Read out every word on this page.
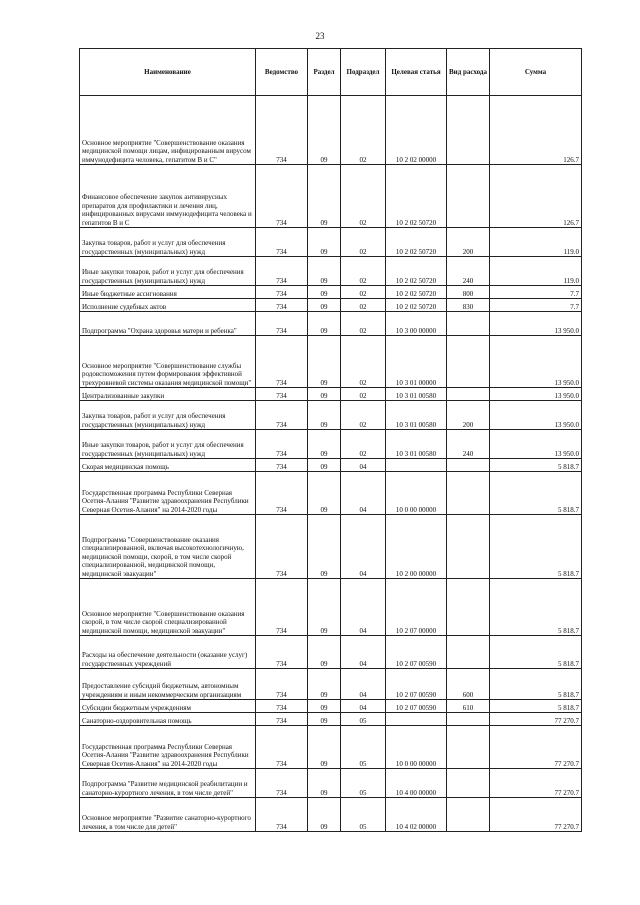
23
Наименование	Ведомство	Раздел	Подраздел	Целевая статья	Вид расхода	Сумма
Основное мероприятие "Совершенствование оказания медицинской помощи лицам, инфицированным вирусом иммунодефицита человека, гепатитом В и С"	734	09	02	10 2 02 00000		126.7
Финансовое обеспечение закупок антивирусных препаратов для профилактики и лечения лиц, инфицированных вирусами иммунодефицита человека и гепатитов В и С	734	09	02	10 2 02 50720		126.7
Закупка товаров, работ и услуг для обеспечения государственных (муниципальных) нужд	734	09	02	10 2 02 50720	200	119.0
Иные закупки товаров, работ и услуг для обеспечения государственных (муниципальных) нужд	734	09	02	10 2 02 50720	240	119.0
Иные бюджетные ассигнования	734	09	02	10 2 02 50720	800	7.7
Исполнение судебных актов	734	09	02	10 2 02 50720	830	7.7
Подпрограмма "Охрана здоровья матери и ребенка"	734	09	02	10 3 00 00000		13 950.0
Основное мероприятие "Совершенствование службы родовспоможения путем формирования эффективной трехуровневой системы оказания медицинской помощи"	734	09	02	10 3 01 00000		13 950.0
Централизованные закупки	734	09	02	10 3 01 00580		13 950.0
Закупка товаров, работ и услуг для обеспечения государственных (муниципальных) нужд	734	09	02	10 3 01 00580	200	13 950.0
Иные закупки товаров, работ и услуг для обеспечения государственных (муниципальных) нужд	734	09	02	10 3 01 00580	240	13 950.0
Скорая медицинская помощь	734	09	04			5 818.7
Государственная программа Республики Северная Осетия-Алания "Развитие здравоохранения Республики Северная Осетия-Алания" на 2014-2020 годы	734	09	04	10 0 00 00000		5 818.7
Подпрограмма "Совершенствование оказания специализированной, включая высокотехнологичную, медицинской помощи, скорой, в том числе скорой специализированной, медицинской помощи, медицинской эвакуации"	734	09	04	10 2 00 00000		5 818.7
Основное мероприятие "Совершенствование оказания скорой, в том числе скорой специализированной медицинской помощи, медицинской эвакуации"	734	09	04	10 2 07 00000		5 818.7
Расходы на обеспечение деятельности (оказание услуг) государственных учреждений	734	09	04	10 2 07 00590		5 818.7
Предоставление субсидий бюджетным, автономным учреждениям и иным некоммерческим организациям	734	09	04	10 2 07 00590	600	5 818.7
Субсидии бюджетным учреждениям	734	09	04	10 2 07 00590	610	5 818.7
Санаторно-оздоровительная помощь	734	09	05			77 270.7
Государственная программа Республики Северная Осетия-Алания "Развитие здравоохранения Республики Северная Осетия-Алания" на 2014-2020 годы	734	09	05	10 0 00 00000		77 270.7
Подпрограмма "Развитие медицинской реабилитации и санаторно-курортного лечения, в том числе детей"	734	09	05	10 4 00 00000		77 270.7
Основное мероприятие "Развитие санаторно-курортного лечения, в том числе для детей"	734	09	05	10 4 02 00000		77 270.7
